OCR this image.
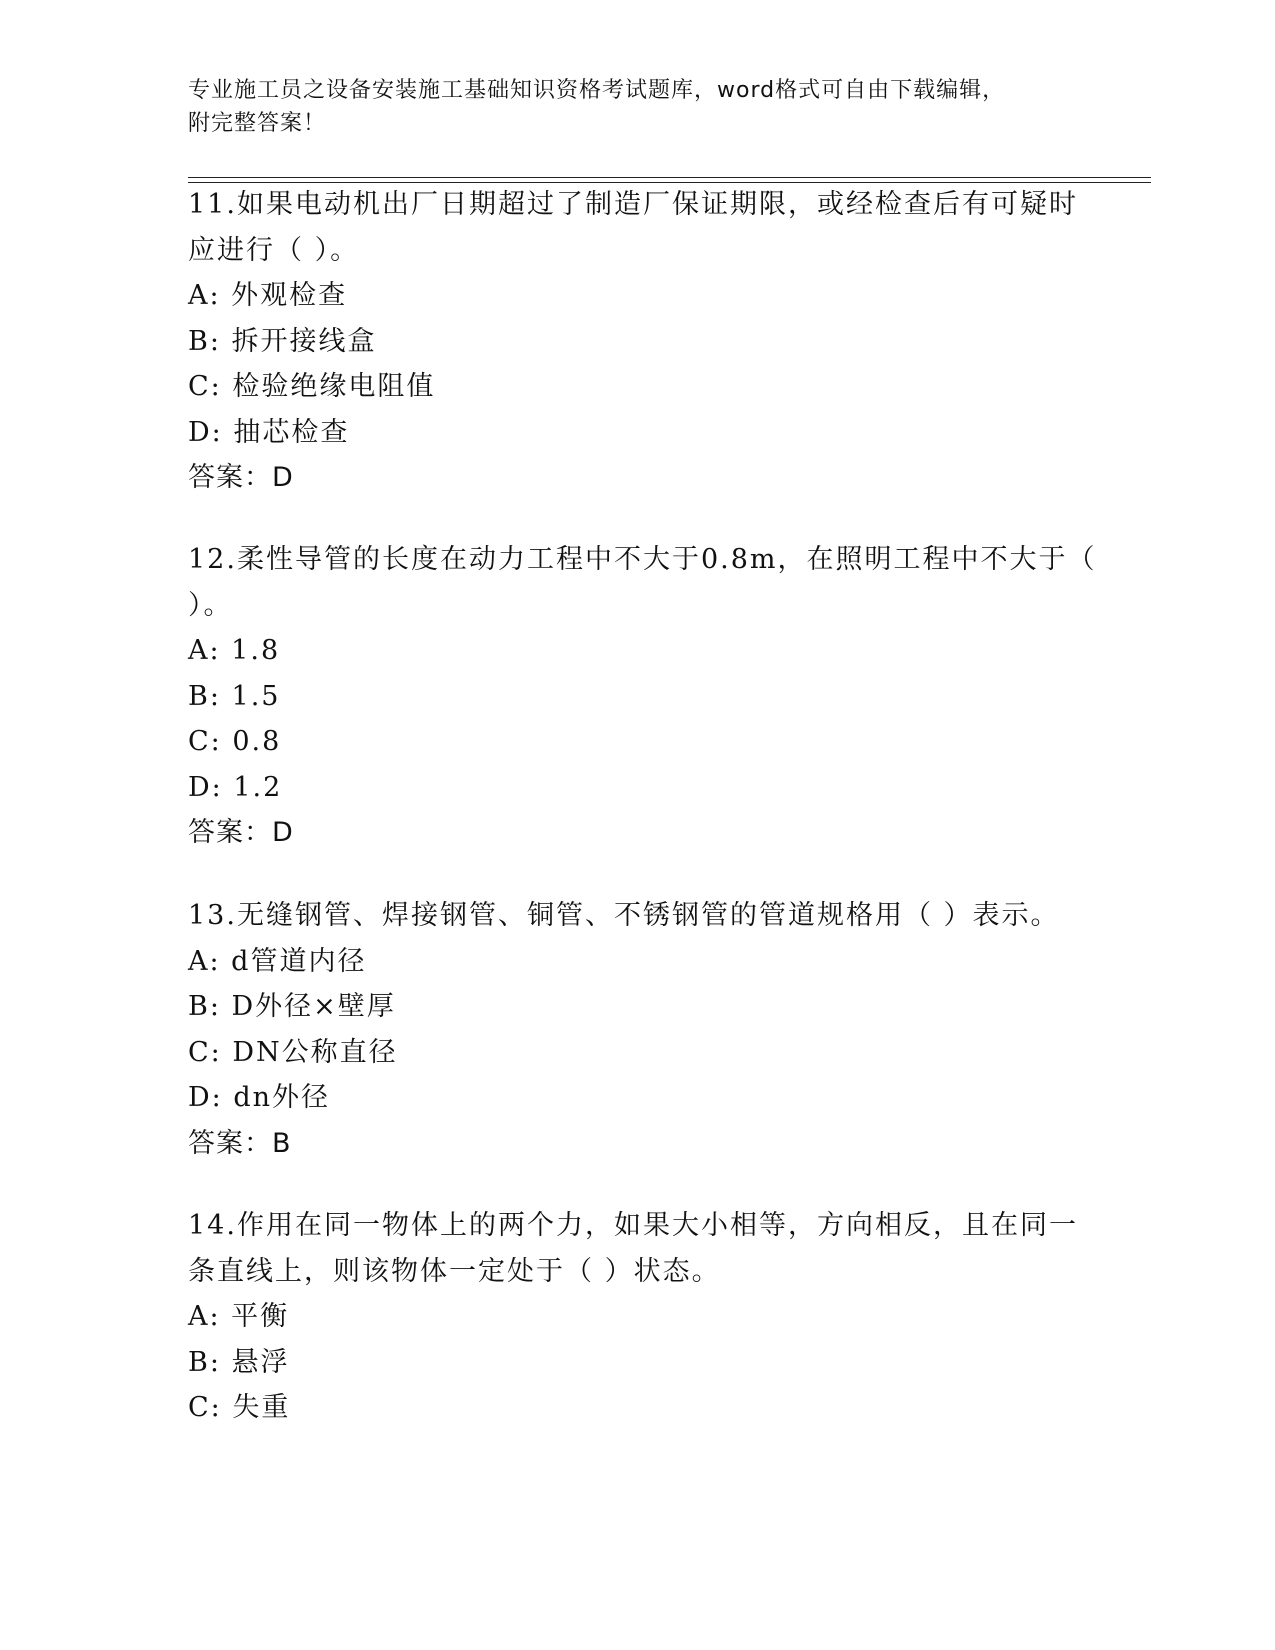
专业施工员之设备安装施工基础知识资格考试题库，word格式可自由下载编辑，
附完整答案！
11.如果电动机出厂日期超过了制造厂保证期限，或经检查后有可疑时
应进行（ ）。
A: 外观检查
B: 拆开接线盒
C: 检验绝缘电阻值
D: 抽芯检查
答案：D
12.柔性导管的长度在动力工程中不大于0.8m，在照明工程中不大于（
）。
A: 1.8
B: 1.5
C: 0.8
D: 1.2
答案：D
13.无缝钢管、焊接钢管、铜管、不锈钢管的管道规格用（ ）表示。
A: d管道内径
B: D外径×壁厚
C: DN公称直径
D: dn外径
答案：B
14.作用在同一物体上的两个力，如果大小相等，方向相反，且在同一
条直线上，则该物体一定处于（ ）状态。
A: 平衡
B: 悬浮
C: 失重
